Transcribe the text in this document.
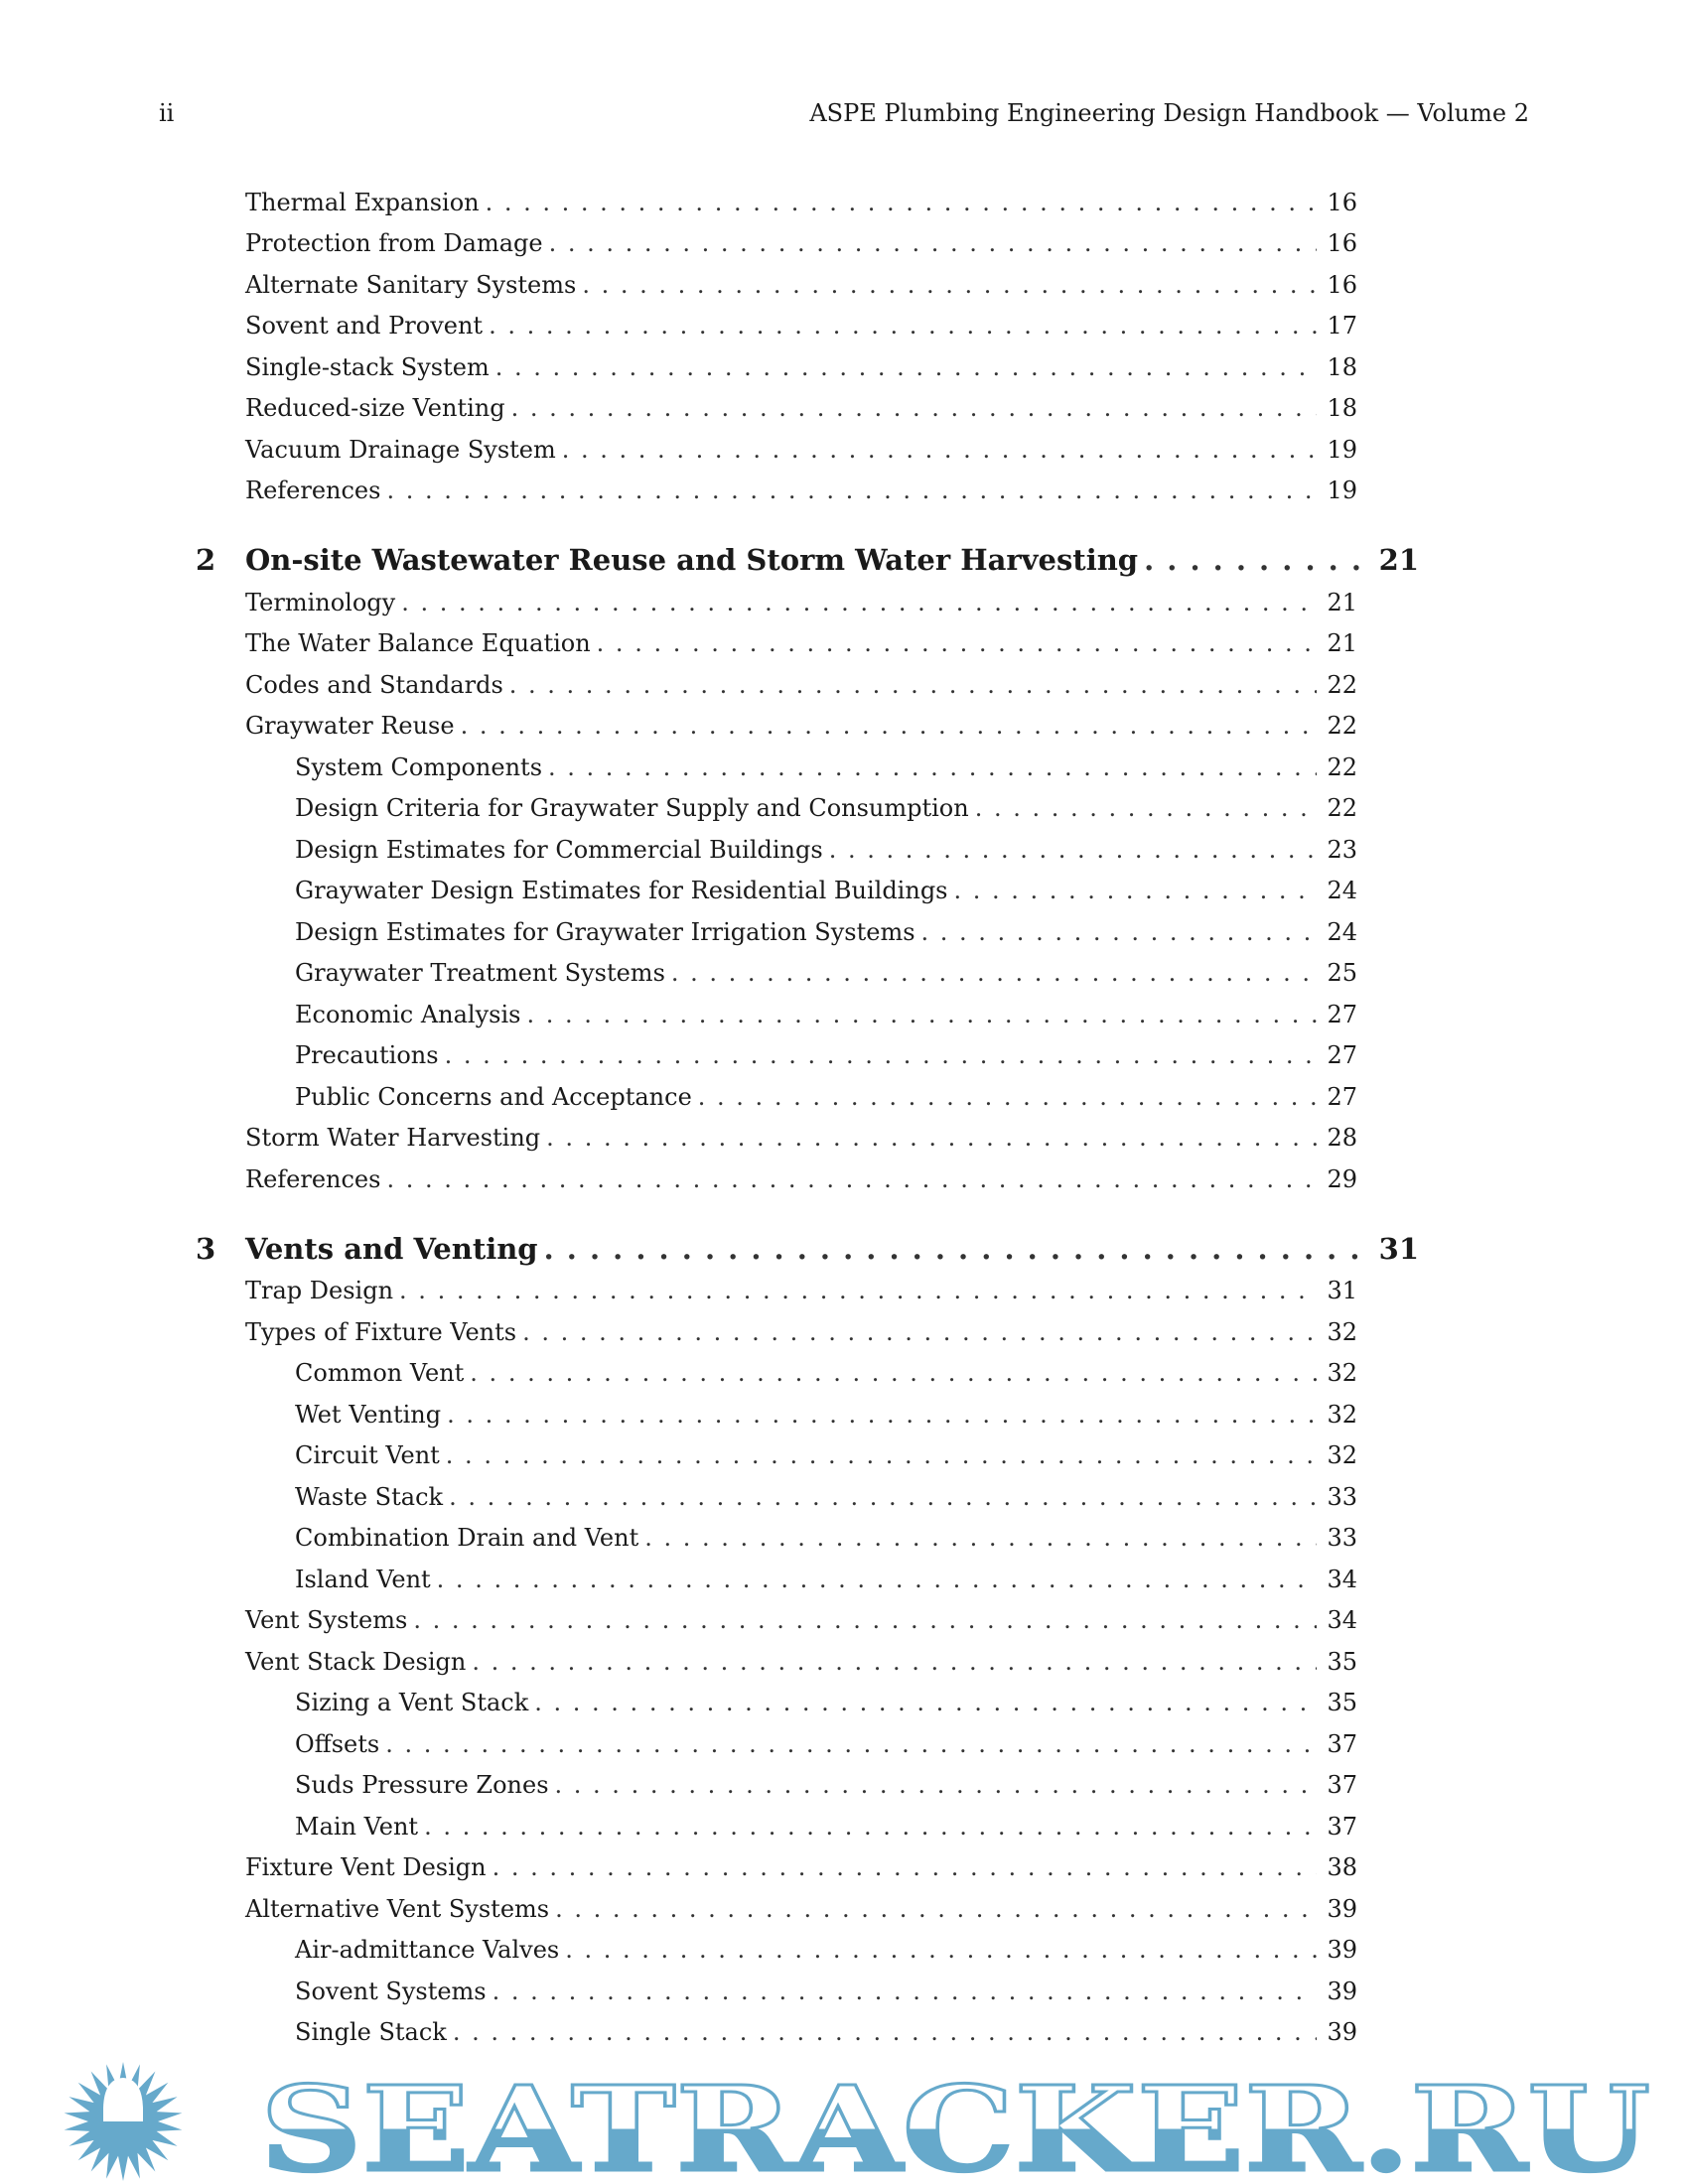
ii	ASPE Plumbing Engineering Design Handbook — Volume 2
Thermal Expansion . . .	16
Protection from Damage . . .	16
Alternate Sanitary Systems . . .	16
Sovent and Provent . . .	17
Single-stack System . . .	18
Reduced-size Venting . . .	18
Vacuum Drainage System . . .	19
References . . .	19
2 On-site Wastewater Reuse and Storm Water Harvesting . . .	21
Terminology . . .	21
The Water Balance Equation . . .	21
Codes and Standards . . .	22
Graywater Reuse . . .	22
System Components . . .	22
Design Criteria for Graywater Supply and Consumption . . .	22
Design Estimates for Commercial Buildings . . .	23
Graywater Design Estimates for Residential Buildings . . .	24
Design Estimates for Graywater Irrigation Systems . . .	24
Graywater Treatment Systems . . .	25
Economic Analysis . . .	27
Precautions . . .	27
Public Concerns and Acceptance . . .	27
Storm Water Harvesting . . .	28
References . . .	29
3 Vents and Venting . . .	31
Trap Design . . .	31
Types of Fixture Vents . . .	32
Common Vent . . .	32
Wet Venting . . .	32
Circuit Vent . . .	32
Waste Stack . . .	33
Combination Drain and Vent . . .	33
Island Vent . . .	34
Vent Systems . . .	34
Vent Stack Design . . .	35
Sizing a Vent Stack . . .	35
Offsets . . .	37
Suds Pressure Zones . . .	37
Main Vent . . .	37
Fixture Vent Design . . .	38
Alternative Vent Systems . . .	39
Air-admittance Valves . . .	39
Sovent Systems . . .	39
Single Stack . . .	39
SEATRACKER.RU
